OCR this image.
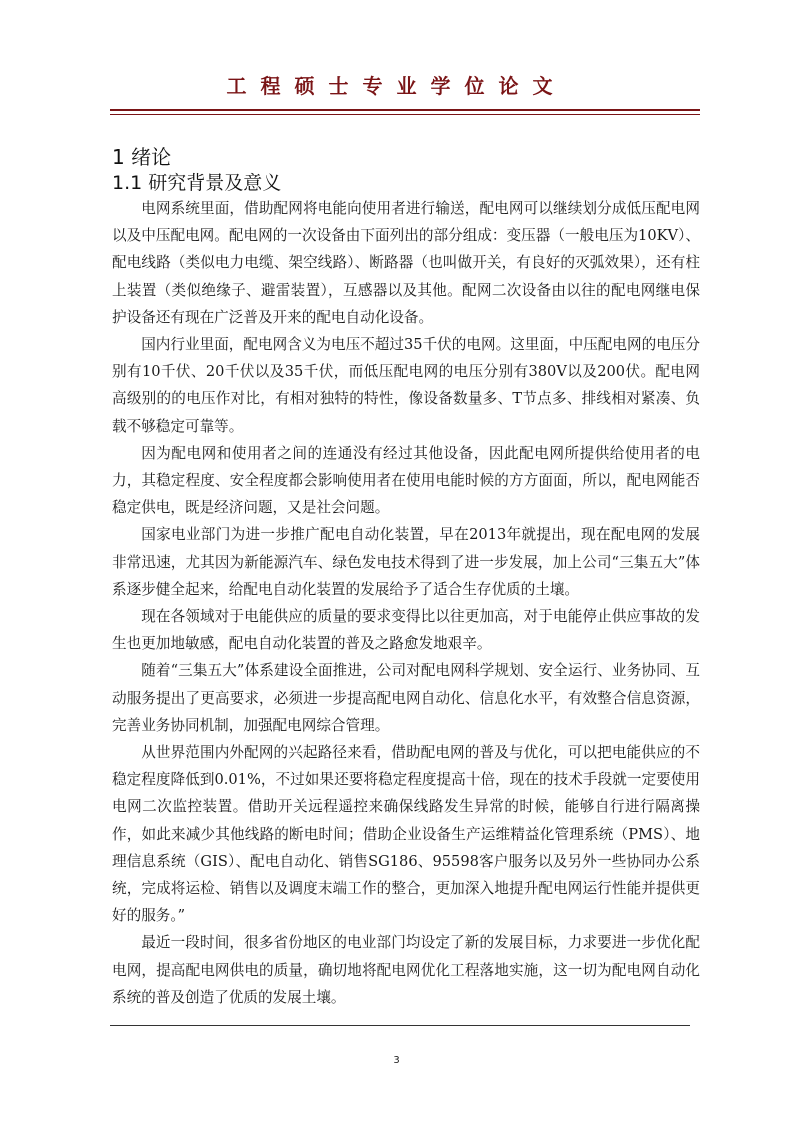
工程硕士专业学位论文
1 绪论
1.1 研究背景及意义

电网系统里面，借助配网将电能向使用者进行输送，配电网可以继续划分成低压配电网以及中压配电网。配电网的一次设备由下面列出的部分组成：变压器（一般电压为10KV）、配电线路（类似电力电缆、架空线路）、断路器（也叫做开关，有良好的灭弧效果），还有柱上装置（类似绝缘子、避雷装置），互感器以及其他。配网二次设备由以往的配电网继电保护设备还有现在广泛普及开来的配电自动化设备。

国内行业里面，配电网含义为电压不超过35千伏的电网。这里面，中压配电网的电压分别有10千伏、20千伏以及35千伏，而低压配电网的电压分别有380V以及200伏。配电网高级别的的电压作对比，有相对独特的特性，像设备数量多、T节点多、排线相对紧凑、负载不够稳定可靠等。

因为配电网和使用者之间的连通没有经过其他设备，因此配电网所提供给使用者的电力，其稳定程度、安全程度都会影响使用者在使用电能时候的方方面面，所以，配电网能否稳定供电，既是经济问题，又是社会问题。

国家电业部门为进一步推广配电自动化装置，早在2013年就提出，现在配电网的发展非常迅速，尤其因为新能源汽车、绿色发电技术得到了进一步发展，加上公司“三集五大”体系逐步健全起来，给配电自动化装置的发展给予了适合生存优质的土壤。

现在各领域对于电能供应的质量的要求变得比以往更加高，对于电能停止供应事故的发生也更加地敏感，配电自动化装置的普及之路愈发地艰辛。

随着“三集五大”体系建设全面推进，公司对配电网科学规划、安全运行、业务协同、互动服务提出了更高要求，必须进一步提高配电网自动化、信息化水平，有效整合信息资源，完善业务协同机制，加强配电网综合管理。

从世界范围内外配网的兴起路径来看，借助配电网的普及与优化，可以把电能供应的不稳定程度降低到0.01%，不过如果还要将稳定程度提高十倍，现在的技术手段就一定要使用电网二次监控装置。借助开关远程遥控来确保线路发生异常的时候，能够自行进行隔离操作，如此来减少其他线路的断电时间；借助企业设备生产运维精益化管理系统（PMS）、地理信息系统（GIS）、配电自动化、销售SG186、95598客户服务以及另外一些协同办公系统，完成将运检、销售以及调度末端工作的整合，更加深入地提升配电网运行性能并提供更好的服务。”

最近一段时间，很多省份地区的电业部门均设定了新的发展目标，力求要进一步优化配电网，提高配电网供电的质量，确切地将配电网优化工程落地实施，这一切为配电网自动化系统的普及创造了优质的发展土壤。

3
